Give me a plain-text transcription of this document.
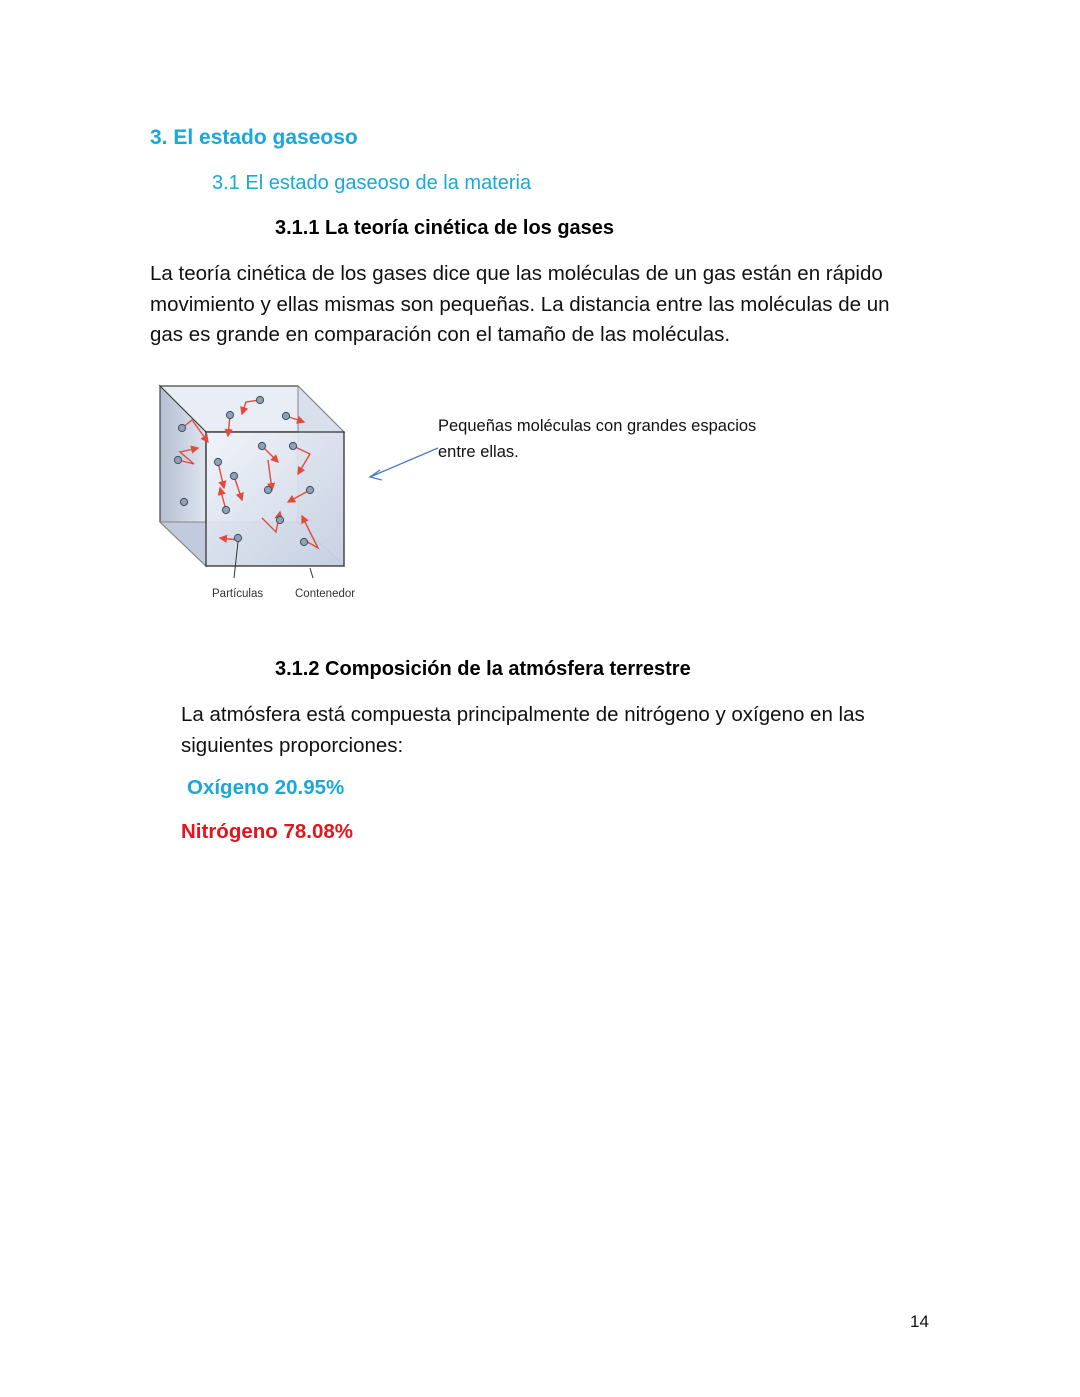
3. El estado gaseoso
3.1 El estado gaseoso de la materia
3.1.1 La teoría cinética de los gases
La teoría cinética de los gases dice que las moléculas de un gas están en rápido movimiento y ellas mismas son pequeñas. La distancia entre las moléculas de un gas es grande en comparación con el tamaño de las moléculas.
Partículas	Contenedor
Pequeñas moléculas con grandes espacios entre ellas.
3.1.2 Composición de la atmósfera terrestre
La atmósfera está compuesta principalmente de nitrógeno y oxígeno en las siguientes proporciones:
Oxígeno 20.95%
Nitrógeno 78.08%
14
